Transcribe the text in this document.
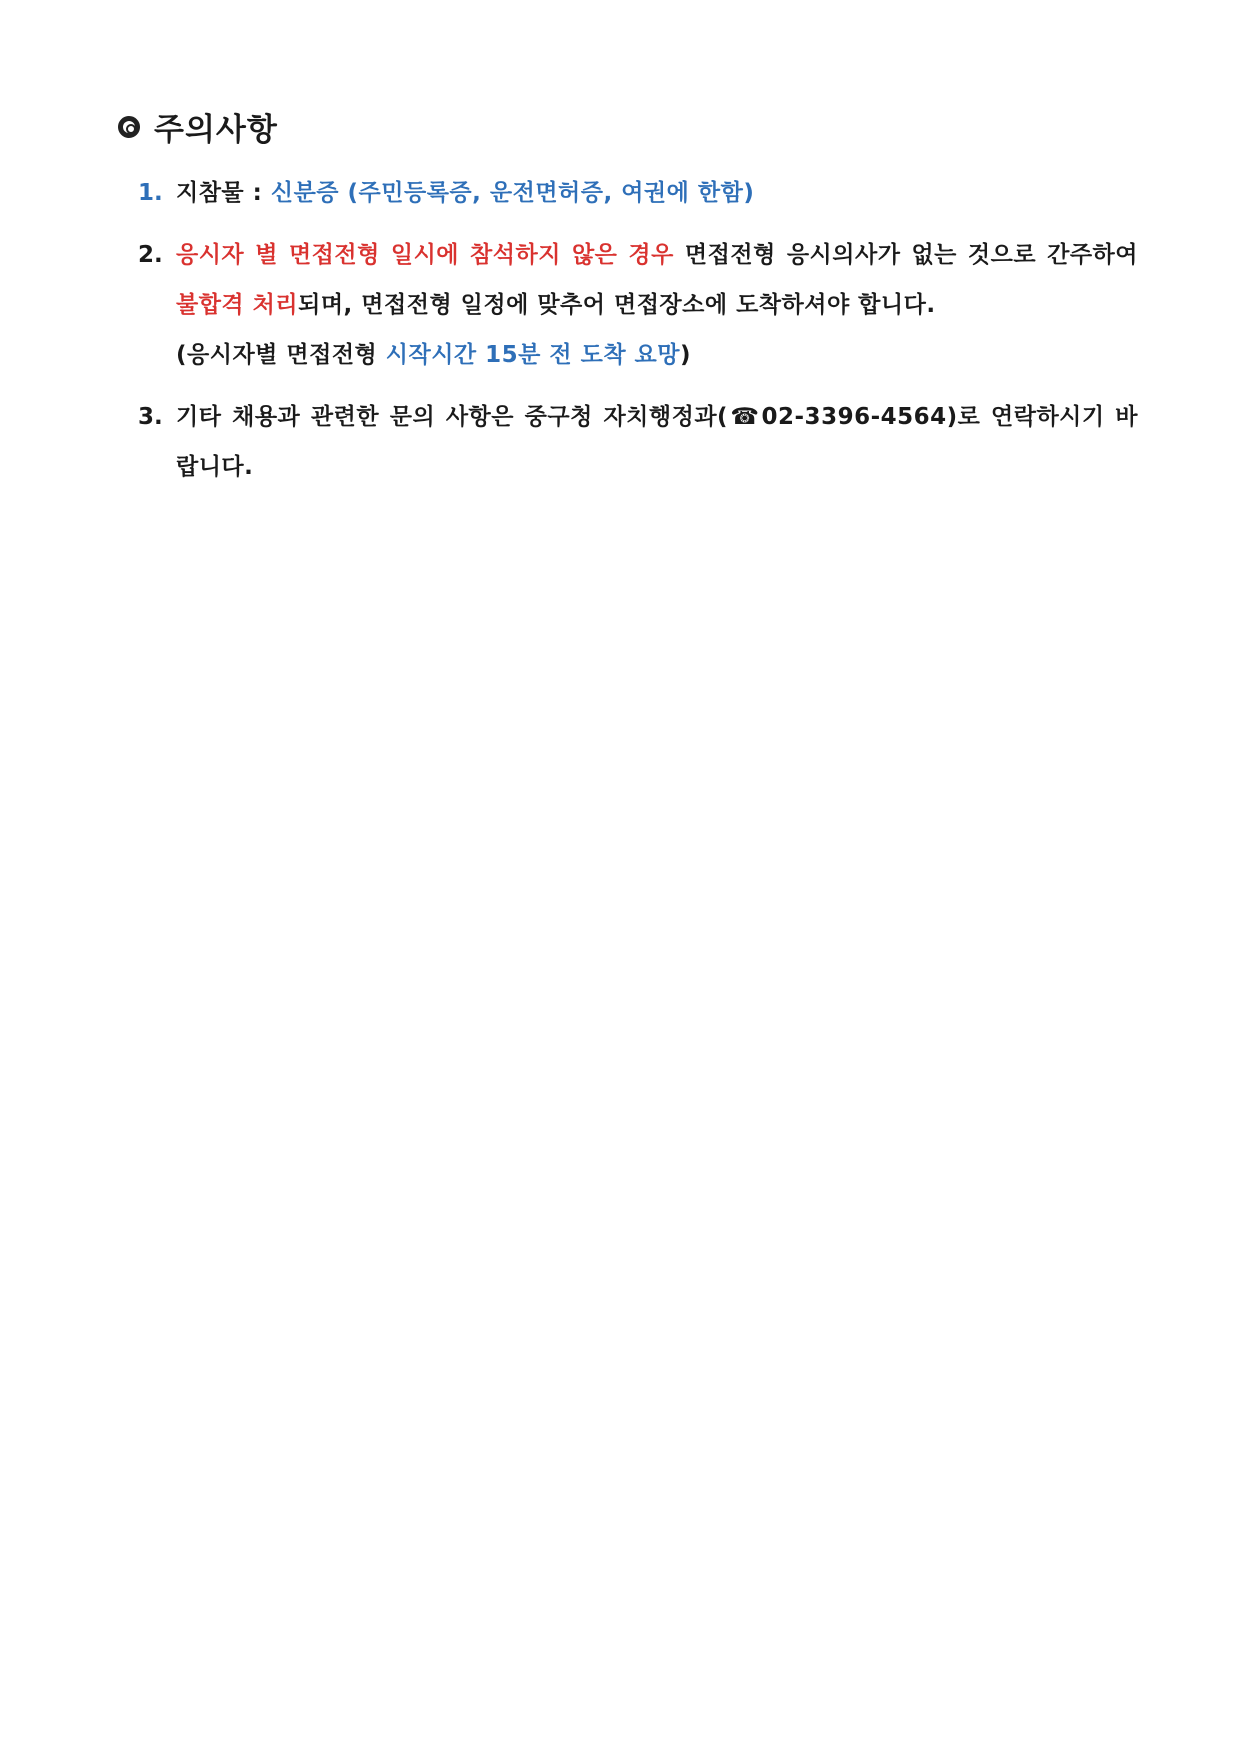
주의사항
1. 지참물 : 신분증 (주민등록증, 운전면허증, 여권에 한함)
2. 응시자 별 면접전형 일시에 참석하지 않은 경우 면접전형 응시의사가 없는 것으로 간주하여 불합격 처리되며, 면접전형 일정에 맞추어 면접장소에 도착하셔야 합니다.
(응시자별 면접전형 시작시간 15분 전 도착 요망)
3. 기타 채용과 관련한 문의 사항은 중구청 자치행정과(☎02-3396-4564)로 연락하시기 바랍니다.
